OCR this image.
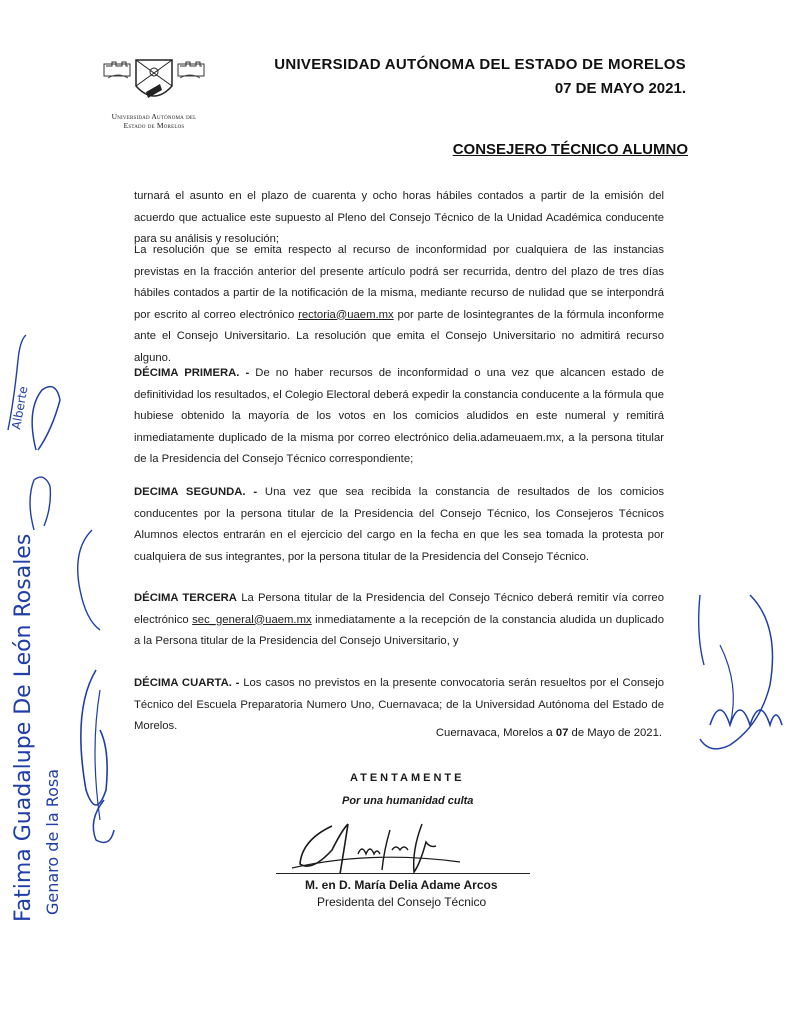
Universidad Autónoma del
Estado de Morelos
UNIVERSIDAD AUTÓNOMA DEL ESTADO DE MORELOS
07 DE MAYO 2021.
CONSEJERO TÉCNICO ALUMNO
turnará el asunto en el plazo de cuarenta y ocho horas hábiles contados a partir de la emisión del acuerdo que actualice este supuesto al Pleno del Consejo Técnico de la Unidad Académica conducente para su análisis y resolución;
La resolución que se emita respecto al recurso de inconformidad por cualquiera de las instancias previstas en la fracción anterior del presente artículo podrá ser recurrida, dentro del plazo de tres días hábiles contados a partir de la notificación de la misma, mediante recurso de nulidad que se interpondrá por escrito al correo electrónico rectoria@uaem.mx por parte de losintegrantes de la fórmula inconforme ante el Consejo Universitario. La resolución que emita el Consejo Universitario no admitirá recurso alguno.
DÉCIMA PRIMERA. - De no haber recursos de inconformidad o una vez que alcancen estado de definitividad los resultados, el Colegio Electoral deberá expedir la constancia conducente a la fórmula que hubiese obtenido la mayoría de los votos en los comicios aludidos en este numeral y remitirá inmediatamente duplicado de la misma por correo electrónico delia.adameuaem.mx, a la persona titular de la Presidencia del Consejo Técnico correspondiente;
DECIMA SEGUNDA. - Una vez que sea recibida la constancia de resultados de los comicios conducentes por la persona titular de la Presidencia del Consejo Técnico, los Consejeros Técnicos Alumnos electos entrarán en el ejercicio del cargo en la fecha en que les sea tomada la protesta por cualquiera de sus integrantes, por la persona titular de la Presidencia del Consejo Técnico.
DÉCIMA TERCERA La Persona titular de la Presidencia del Consejo Técnico deberá remitir vía correo electrónico sec_general@uaem.mx inmediatamente a la recepción de la constancia aludida un duplicado a la Persona titular de la Presidencia del Consejo Universitario, y
DÉCIMA CUARTA. - Los casos no previstos en la presente convocatoria serán resueltos por el Consejo Técnico del Escuela Preparatoria Numero Uno, Cuernavaca; de la Universidad Autónoma del Estado de Morelos.
Cuernavaca, Morelos a 07 de Mayo de 2021.
ATENTAMENTE
Por una humanidad culta
M. en D. María Delia Adame Arcos
Presidenta del Consejo Técnico
Fatima Guadalupe De León Rosales Genaro de la Rosa
Alberte
